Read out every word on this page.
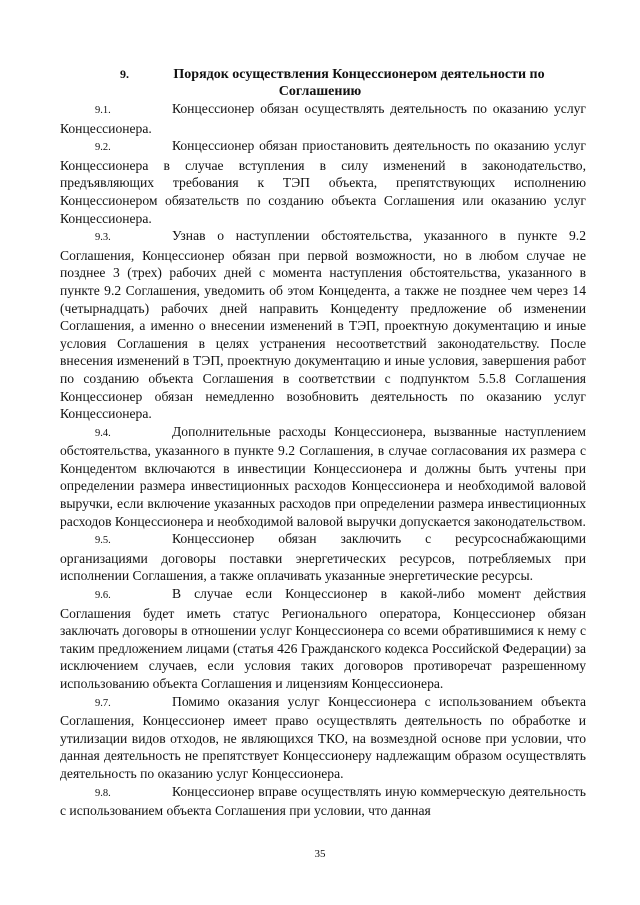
9.	Порядок осуществления Концессионером деятельности по
Соглашению

9.1.	Концессионер обязан осуществлять деятельность по оказанию услуг Концессионера.

9.2.	Концессионер обязан приостановить деятельность по оказанию услуг Концессионера в случае вступления в силу изменений в законодательство, предъявляющих требования к ТЭП объекта, препятствующих исполнению Концессионером обязательств по созданию объекта Соглашения или оказанию услуг Концессионера.

9.3.	Узнав о наступлении обстоятельства, указанного в пункте 9.2 Соглашения, Концессионер обязан при первой возможности, но в любом случае не позднее 3 (трех) рабочих дней с момента наступления обстоятельства, указанного в пункте 9.2 Соглашения, уведомить об этом Концедента, а также не позднее чем через 14 (четырнадцать) рабочих дней направить Концеденту предложение об изменении Соглашения, а именно о внесении изменений в ТЭП, проектную документацию и иные условия Соглашения в целях устранения несоответствий законодательству. После внесения изменений в ТЭП, проектную документацию и иные условия, завершения работ по созданию объекта Соглашения в соответствии с подпунктом 5.5.8 Соглашения Концессионер обязан немедленно возобновить деятельность по оказанию услуг Концессионера.

9.4.	Дополнительные расходы Концессионера, вызванные наступлением обстоятельства, указанного в пункте 9.2 Соглашения, в случае согласования их размера с Концедентом включаются в инвестиции Концессионера и должны быть учтены при определении размера инвестиционных расходов Концессионера и необходимой валовой выручки, если включение указанных расходов при определении размера инвестиционных расходов Концессионера и необходимой валовой выручки допускается законодательством.

9.5.	Концессионер обязан заключить с ресурсоснабжающими организациями договоры поставки энергетических ресурсов, потребляемых при исполнении Соглашения, а также оплачивать указанные энергетические ресурсы.

9.6.	В случае если Концессионер в какой-либо момент действия Соглашения будет иметь статус Регионального оператора, Концессионер обязан заключать договоры в отношении услуг Концессионера со всеми обратившимися к нему с таким предложением лицами (статья 426 Гражданского кодекса Российской Федерации) за исключением случаев, если условия таких договоров противоречат разрешенному использованию объекта Соглашения и лицензиям Концессионера.

9.7.	Помимо оказания услуг Концессионера с использованием объекта Соглашения, Концессионер имеет право осуществлять деятельность по обработке и утилизации видов отходов, не являющихся ТКО, на возмездной основе при условии, что данная деятельность не препятствует Концессионеру надлежащим образом осуществлять деятельность по оказанию услуг Концессионера.

9.8.	Концессионер вправе осуществлять иную коммерческую деятельность с использованием объекта Соглашения при условии, что данная

35
